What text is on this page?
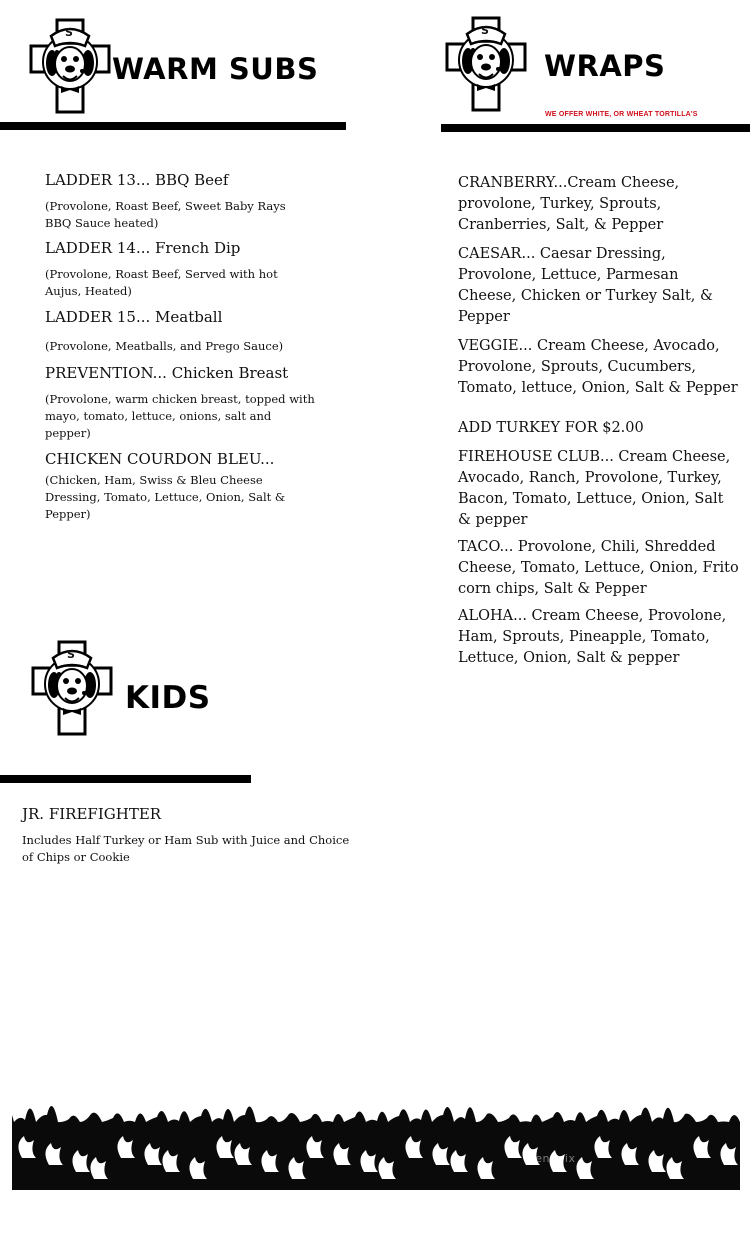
S
WARM SUBS
LADDER 13... BBQ Beef
(Provolone, Roast Beef, Sweet Baby Rays BBQ Sauce heated)
LADDER 14... French Dip
(Provolone, Roast Beef, Served with hot Aujus, Heated)
LADDER 15... Meatball
(Provolone, Meatballs, and Prego Sauce)
PREVENTION... Chicken Breast
(Provolone, warm chicken breast, topped with mayo, tomato, lettuce, onions, salt and pepper)
CHICKEN COURDON BLEU...
(Chicken, Ham, Swiss & Bleu Cheese Dressing, Tomato, Lettuce, Onion, Salt & Pepper)
S
WRAPS
WE OFFER WHITE, OR WHEAT TORTILLA'S
CRANBERRY...Cream Cheese, provolone, Turkey, Sprouts, Cranberries, Salt, & Pepper
CAESAR... Caesar Dressing, Provolone, Lettuce, Parmesan Cheese, Chicken or Turkey Salt, & Pepper
VEGGIE... Cream Cheese, Avocado, Provolone, Sprouts, Cucumbers, Tomato, lettuce, Onion, Salt & Pepper
ADD TURKEY FOR $2.00
FIREHOUSE CLUB... Cream Cheese, Avocado, Ranch, Provolone, Turkey, Bacon, Tomato, Lettuce, Onion, Salt & pepper
TACO... Provolone, Chili, Shredded Cheese, Tomato, Lettuce, Onion, Frito corn chips, Salt & Pepper
ALOHA... Cream Cheese, Provolone, Ham, Sprouts, Pineapple, Tomato, Lettuce, Onion, Salt & pepper
S
KIDS
JR. FIREFIGHTER
Includes Half Turkey or Ham Sub with Juice and Choice of Chips or Cookie
menupix
